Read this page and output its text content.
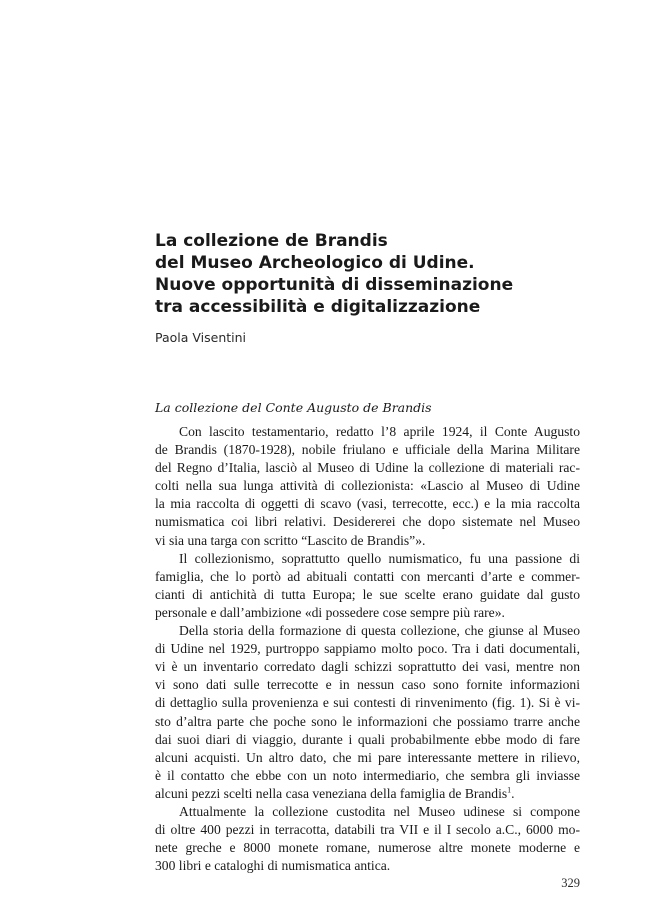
La collezione de Brandis
del Museo Archeologico di Udine.
Nuove opportunità di disseminazione
tra accessibilità e digitalizzazione
Paola Visentini
La collezione del Conte Augusto de Brandis
Con lascito testamentario, redatto l’8 aprile 1924, il Conte Augusto
de Brandis (1870-1928), nobile friulano e ufficiale della Marina Militare
del Regno d’Italia, lasciò al Museo di Udine la collezione di materiali rac-
colti nella sua lunga attività di collezionista: «Lascio al Museo di Udine
la mia raccolta di oggetti di scavo (vasi, terrecotte, ecc.) e la mia raccolta
numismatica coi libri relativi. Desidererei che dopo sistemate nel Museo
vi sia una targa con scritto “Lascito de Brandis”».
Il collezionismo, soprattutto quello numismatico, fu una passione di
famiglia, che lo portò ad abituali contatti con mercanti d’arte e commer-
cianti di antichità di tutta Europa; le sue scelte erano guidate dal gusto
personale e dall’ambizione «di possedere cose sempre più rare».
Della storia della formazione di questa collezione, che giunse al Museo
di Udine nel 1929, purtroppo sappiamo molto poco. Tra i dati documentali,
vi è un inventario corredato dagli schizzi soprattutto dei vasi, mentre non
vi sono dati sulle terrecotte e in nessun caso sono fornite informazioni
di dettaglio sulla provenienza e sui contesti di rinvenimento (fig. 1). Si è vi-
sto d’altra parte che poche sono le informazioni che possiamo trarre anche
dai suoi diari di viaggio, durante i quali probabilmente ebbe modo di fare
alcuni acquisti. Un altro dato, che mi pare interessante mettere in rilievo,
è il contatto che ebbe con un noto intermediario, che sembra gli inviasse
alcuni pezzi scelti nella casa veneziana della famiglia de Brandis$^1$.
Attualmente la collezione custodita nel Museo udinese si compone
di oltre 400 pezzi in terracotta, databili tra VII e il I secolo a.C., 6000 mo-
nete greche e 8000 monete romane, numerose altre monete moderne e
300 libri e cataloghi di numismatica antica.
329
